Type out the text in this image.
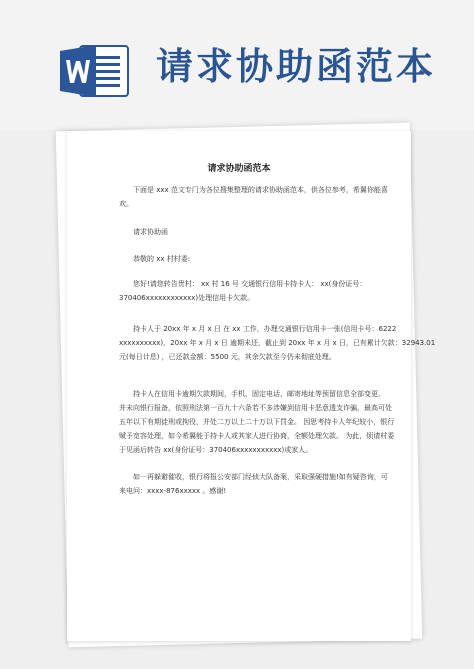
请求协助函范本
请求协助函范本
下面是 xxx 范文专门为各位搜集整理的请求协助函范本，供各位参考，希翼你能喜
欢。
请求协助函
恭敬的 xx 村村委:
您好!请您转告贵村： xx 村 16 号 交通银行信用卡持卡人： xx(身份证号：
370406xxxxxxxxxxxx)处理信用卡欠款。
持卡人于 20xx 年 x 月 x 日 在 xx 工作，办理交通银行信用卡一张(信用卡号：6222
xxxxxxxxxx)，20xx 年 x 月 x 日 逾期未还，截止到 20xx 年 x 月 x 日，已有累计欠款：32943.01
元(每日计息) ，已还款金额：5500 元，其余欠款至今仍未彻底处理。
持卡人在信用卡逾期欠款期间，手机、固定电话、邮寄地址等预留信息全部变更，
并未向银行报备，依照刑法第一百九十六条若不多涉嫌到信用卡恶意透支诈骗，最高可处
五年以下有期徒刑或拘役，并处二万以上二十万以下罚金。 因思考持卡人年纪较小，银行
赋予宽容处理，如今希翼能于持卡人或其家人进行协商，全额处理欠款。 为此，烦请村委
于见函后转告 xx(身份证号：370406xxxxxxxxxxx)或家人。
如一再躲避催收，银行将报公安部门经侦大队备案，采取强硬措施!如有疑咨询，可
来电问：xxxx-876xxxxx 。感谢!
